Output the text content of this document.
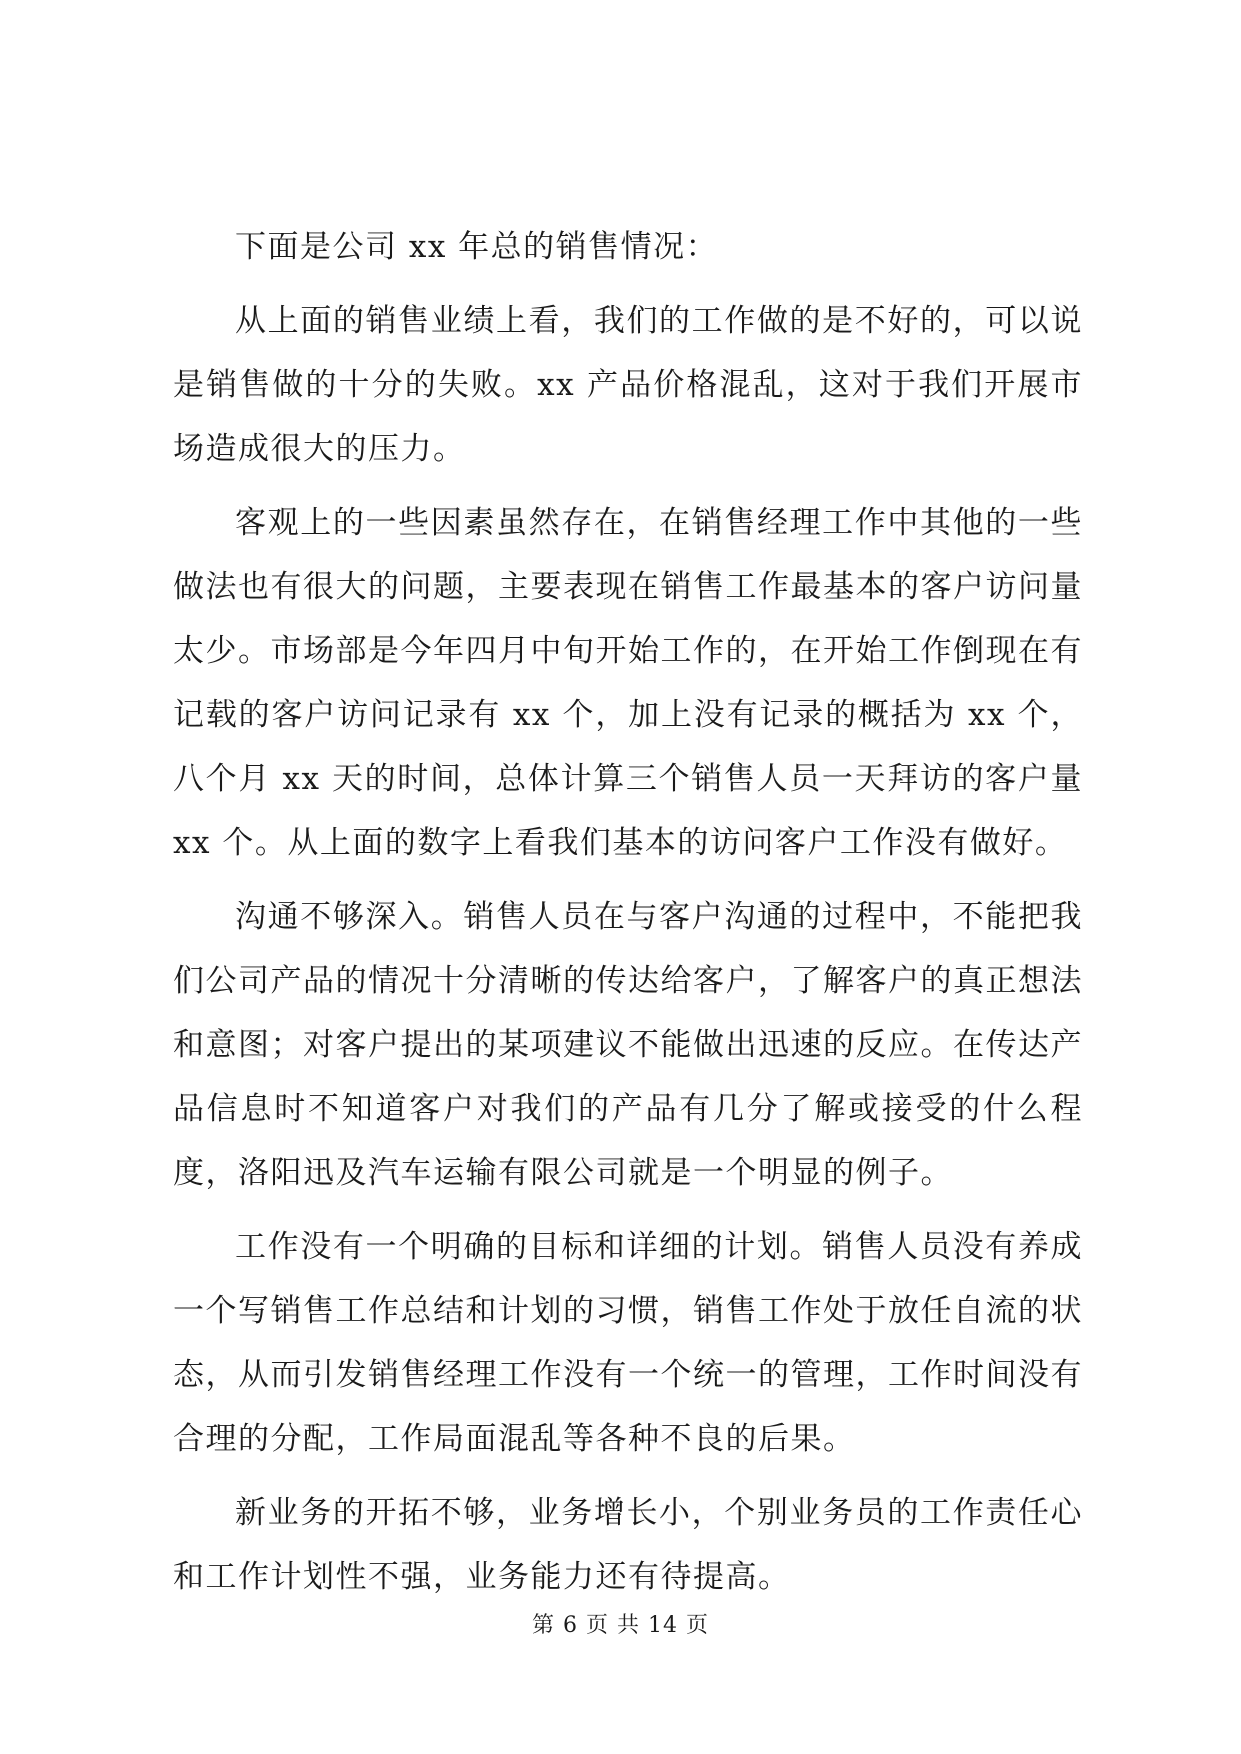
下面是公司 xx 年总的销售情况：

从上面的销售业绩上看，我们的工作做的是不好的，可以说是销售做的十分的失败。xx 产品价格混乱，这对于我们开展市场造成很大的压力。

客观上的一些因素虽然存在，在销售经理工作中其他的一些做法也有很大的问题，主要表现在销售工作最基本的客户访问量太少。市场部是今年四月中旬开始工作的，在开始工作倒现在有记载的客户访问记录有 xx 个，加上没有记录的概括为 xx 个，八个月 xx 天的时间，总体计算三个销售人员一天拜访的客户量 xx 个。从上面的数字上看我们基本的访问客户工作没有做好。

沟通不够深入。销售人员在与客户沟通的过程中，不能把我们公司产品的情况十分清晰的传达给客户，了解客户的真正想法和意图；对客户提出的某项建议不能做出迅速的反应。在传达产品信息时不知道客户对我们的产品有几分了解或接受的什么程度，洛阳迅及汽车运输有限公司就是一个明显的例子。

工作没有一个明确的目标和详细的计划。销售人员没有养成一个写销售工作总结和计划的习惯，销售工作处于放任自流的状态，从而引发销售经理工作没有一个统一的管理，工作时间没有合理的分配，工作局面混乱等各种不良的后果。

新业务的开拓不够，业务增长小，个别业务员的工作责任心和工作计划性不强，业务能力还有待提高。

第 6 页 共 14 页
